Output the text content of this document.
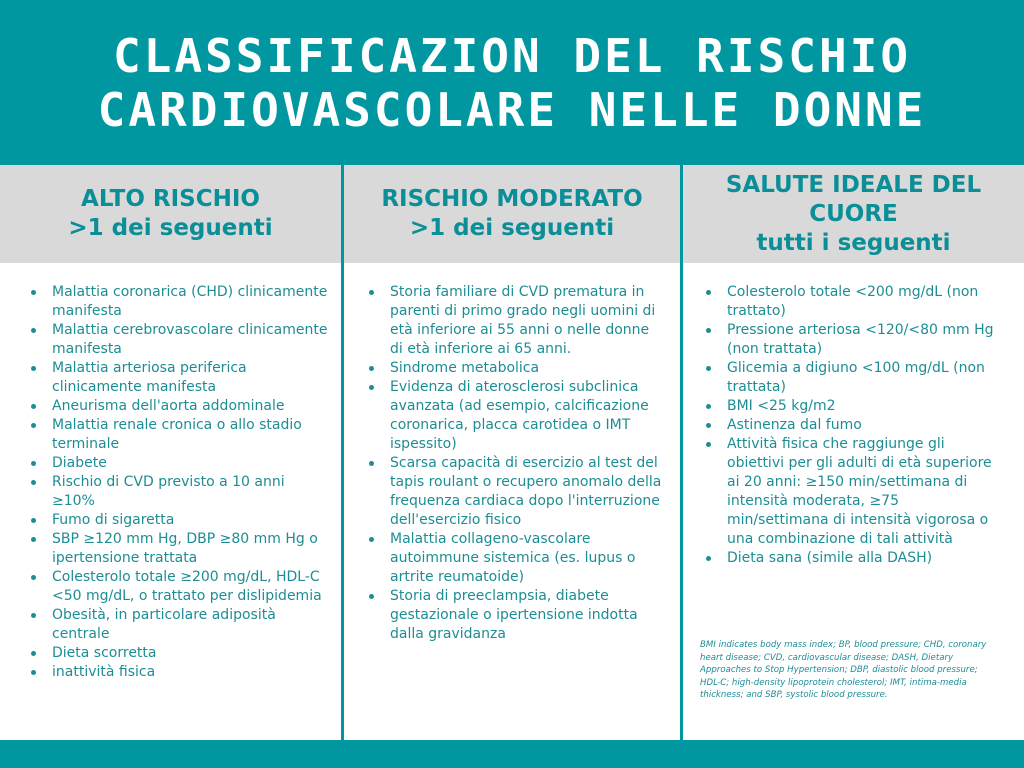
CLASSIFICAZION DEL RISCHIO
CARDIOVASCOLARE NELLE DONNE
ALTO RISCHIO
>1 dei seguenti
Malattia coronarica (CHD) clinicamente manifesta
Malattia cerebrovascolare clinicamente manifesta
Malattia arteriosa periferica clinicamente manifesta
Aneurisma dell'aorta addominale
Malattia renale cronica o allo stadio terminale
Diabete
Rischio di CVD previsto a 10 anni ≥10%
Fumo di sigaretta
SBP ≥120 mm Hg, DBP ≥80 mm Hg o ipertensione trattata
Colesterolo totale ≥200 mg/dL, HDL-C <50 mg/dL, o trattato per dislipidemia
Obesità, in particolare adiposità centrale
Dieta scorretta
inattività fisica
RISCHIO MODERATO
>1 dei seguenti
Storia familiare di CVD prematura in parenti di primo grado negli uomini di età inferiore ai 55 anni o nelle donne di età inferiore ai 65 anni.
Sindrome metabolica
Evidenza di aterosclerosi subclinica avanzata (ad esempio, calcificazione coronarica, placca carotidea o IMT ispessito)
Scarsa capacità di esercizio al test del tapis roulant o recupero anomalo della frequenza cardiaca dopo l'interruzione dell'esercizio fisico
Malattia collageno-vascolare autoimmune sistemica (es. lupus o artrite reumatoide)
Storia di preeclampsia, diabete gestazionale o ipertensione indotta dalla gravidanza
SALUTE IDEALE DEL
CUORE
tutti i seguenti
Colesterolo totale <200 mg/dL (non trattato)
Pressione arteriosa <120/<80 mm Hg (non trattata)
Glicemia a digiuno <100 mg/dL (non trattata)
BMI <25 kg/m2
Astinenza dal fumo
Attività fisica che raggiunge gli obiettivi per gli adulti di età superiore ai 20 anni: ≥150 min/settimana di intensità moderata, ≥75 min/settimana di intensità vigorosa o una combinazione di tali attività
Dieta sana (simile alla DASH)
BMI indicates body mass index; BP, blood pressure; CHD, coronary heart disease; CVD, cardiovascular disease; DASH, Dietary Approaches to Stop Hypertension; DBP, diastolic blood pressure; HDL-C; high-density lipoprotein cholesterol; IMT, intima-media thickness; and SBP, systolic blood pressure.
